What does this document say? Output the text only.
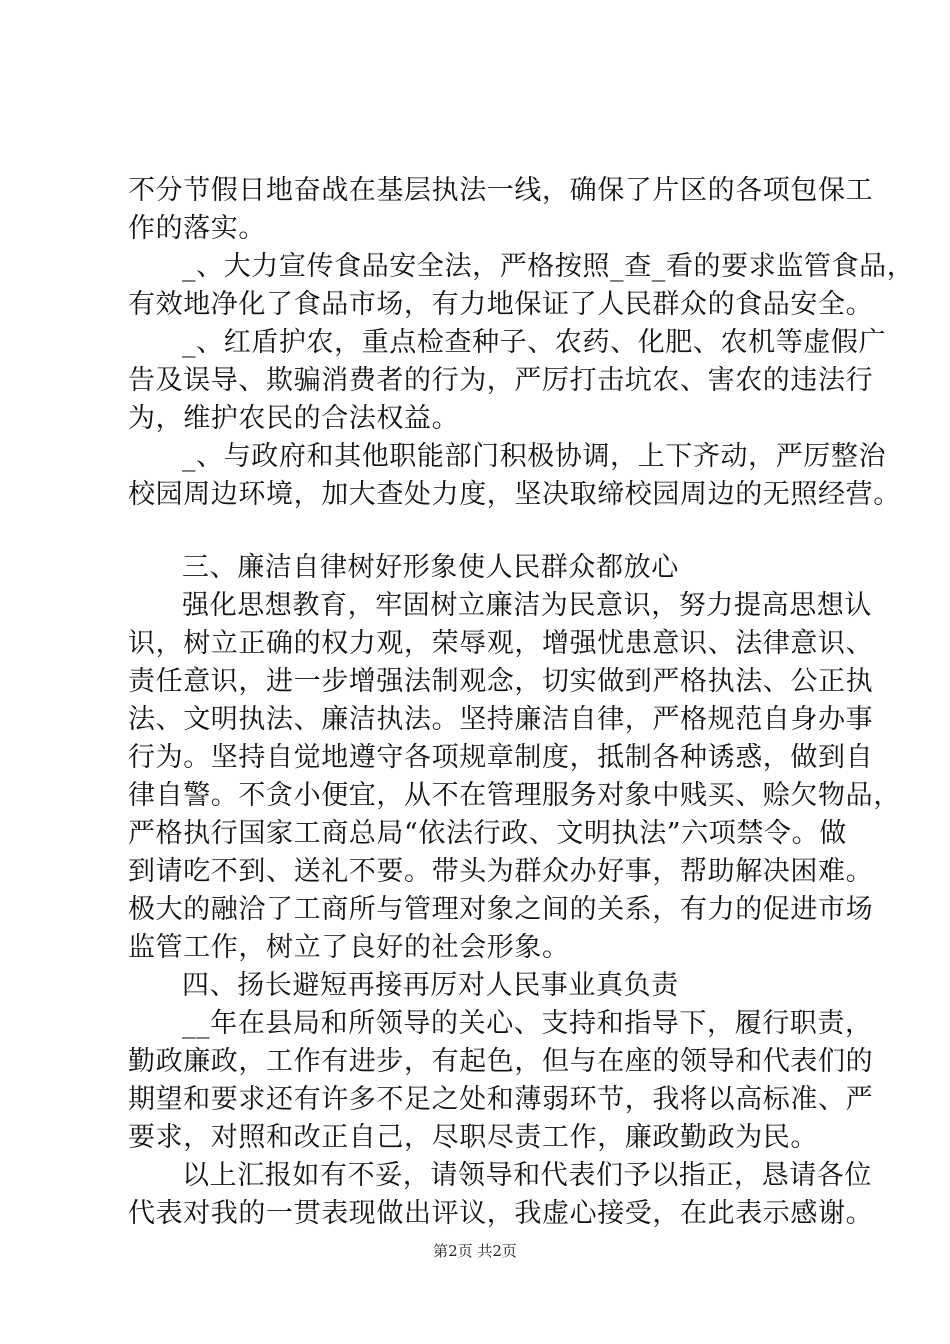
不分节假日地奋战在基层执法一线，确保了片区的各项包保工
作的落实。
_、大力宣传食品安全法，严格按照_查_看的要求监管食品，
有效地净化了食品市场，有力地保证了人民群众的食品安全。
_、红盾护农，重点检查种子、农药、化肥、农机等虚假广
告及误导、欺骗消费者的行为，严厉打击坑农、害农的违法行
为，维护农民的合法权益。
_、与政府和其他职能部门积极协调，上下齐动，严厉整治
校园周边环境，加大查处力度，坚决取缔校园周边的无照经营。
三、廉洁自律树好形象使人民群众都放心
强化思想教育，牢固树立廉洁为民意识，努力提高思想认
识，树立正确的权力观，荣辱观，增强忧患意识、法律意识、
责任意识，进一步增强法制观念，切实做到严格执法、公正执
法、文明执法、廉洁执法。坚持廉洁自律，严格规范自身办事
行为。坚持自觉地遵守各项规章制度，抵制各种诱惑，做到自
律自警。不贪小便宜，从不在管理服务对象中贱买、赊欠物品，
严格执行国家工商总局“依法行政、文明执法”六项禁令。做
到请吃不到、送礼不要。带头为群众办好事，帮助解决困难。
极大的融洽了工商所与管理对象之间的关系，有力的促进市场
监管工作，树立了良好的社会形象。
四、扬长避短再接再厉对人民事业真负责
__年在县局和所领导的关心、支持和指导下，履行职责，
勤政廉政，工作有进步，有起色，但与在座的领导和代表们的
期望和要求还有许多不足之处和薄弱环节，我将以高标准、严
要求，对照和改正自己，尽职尽责工作，廉政勤政为民。
以上汇报如有不妥，请领导和代表们予以指正，恳请各位
代表对我的一贯表现做出评议，我虚心接受，在此表示感谢。
第2页 共2页
